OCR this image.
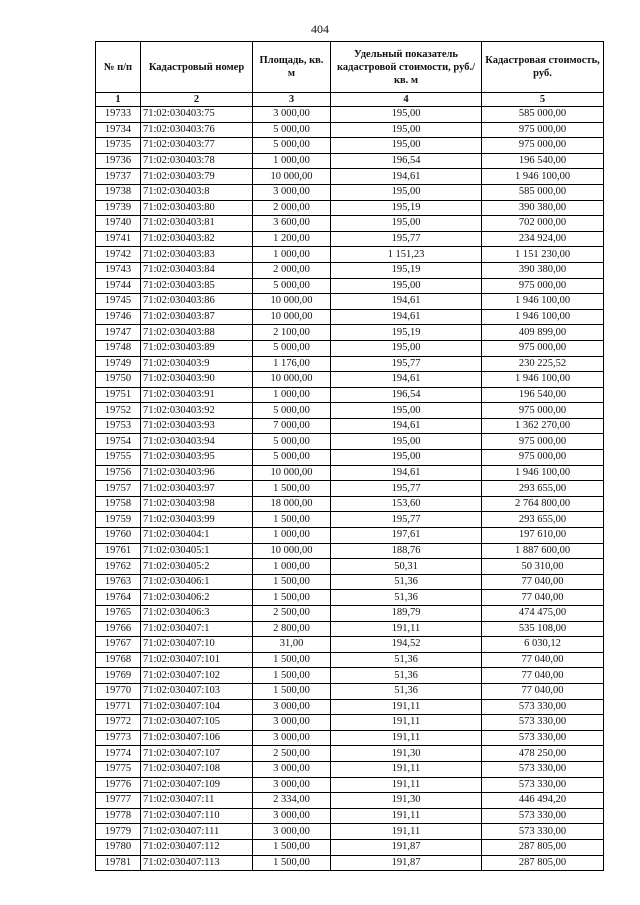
404
№ п/п	Кадастровый номер	Площадь, кв. м	Удельный показатель кадастровой стоимости, руб./кв. м	Кадастровая стоимость, руб.
1	2	3	4	5
19733	71:02:030403:75	3 000,00	195,00	585 000,00
19734	71:02:030403:76	5 000,00	195,00	975 000,00
19735	71:02:030403:77	5 000,00	195,00	975 000,00
19736	71:02:030403:78	1 000,00	196,54	196 540,00
19737	71:02:030403:79	10 000,00	194,61	1 946 100,00
19738	71:02:030403:8	3 000,00	195,00	585 000,00
19739	71:02:030403:80	2 000,00	195,19	390 380,00
19740	71:02:030403:81	3 600,00	195,00	702 000,00
19741	71:02:030403:82	1 200,00	195,77	234 924,00
19742	71:02:030403:83	1 000,00	1 151,23	1 151 230,00
19743	71:02:030403:84	2 000,00	195,19	390 380,00
19744	71:02:030403:85	5 000,00	195,00	975 000,00
19745	71:02:030403:86	10 000,00	194,61	1 946 100,00
19746	71:02:030403:87	10 000,00	194,61	1 946 100,00
19747	71:02:030403:88	2 100,00	195,19	409 899,00
19748	71:02:030403:89	5 000,00	195,00	975 000,00
19749	71:02:030403:9	1 176,00	195,77	230 225,52
19750	71:02:030403:90	10 000,00	194,61	1 946 100,00
19751	71:02:030403:91	1 000,00	196,54	196 540,00
19752	71:02:030403:92	5 000,00	195,00	975 000,00
19753	71:02:030403:93	7 000,00	194,61	1 362 270,00
19754	71:02:030403:94	5 000,00	195,00	975 000,00
19755	71:02:030403:95	5 000,00	195,00	975 000,00
19756	71:02:030403:96	10 000,00	194,61	1 946 100,00
19757	71:02:030403:97	1 500,00	195,77	293 655,00
19758	71:02:030403:98	18 000,00	153,60	2 764 800,00
19759	71:02:030403:99	1 500,00	195,77	293 655,00
19760	71:02:030404:1	1 000,00	197,61	197 610,00
19761	71:02:030405:1	10 000,00	188,76	1 887 600,00
19762	71:02:030405:2	1 000,00	50,31	50 310,00
19763	71:02:030406:1	1 500,00	51,36	77 040,00
19764	71:02:030406:2	1 500,00	51,36	77 040,00
19765	71:02:030406:3	2 500,00	189,79	474 475,00
19766	71:02:030407:1	2 800,00	191,11	535 108,00
19767	71:02:030407:10	31,00	194,52	6 030,12
19768	71:02:030407:101	1 500,00	51,36	77 040,00
19769	71:02:030407:102	1 500,00	51,36	77 040,00
19770	71:02:030407:103	1 500,00	51,36	77 040,00
19771	71:02:030407:104	3 000,00	191,11	573 330,00
19772	71:02:030407:105	3 000,00	191,11	573 330,00
19773	71:02:030407:106	3 000,00	191,11	573 330,00
19774	71:02:030407:107	2 500,00	191,30	478 250,00
19775	71:02:030407:108	3 000,00	191,11	573 330,00
19776	71:02:030407:109	3 000,00	191,11	573 330,00
19777	71:02:030407:11	2 334,00	191,30	446 494,20
19778	71:02:030407:110	3 000,00	191,11	573 330,00
19779	71:02:030407:111	3 000,00	191,11	573 330,00
19780	71:02:030407:112	1 500,00	191,87	287 805,00
19781	71:02:030407:113	1 500,00	191,87	287 805,00
